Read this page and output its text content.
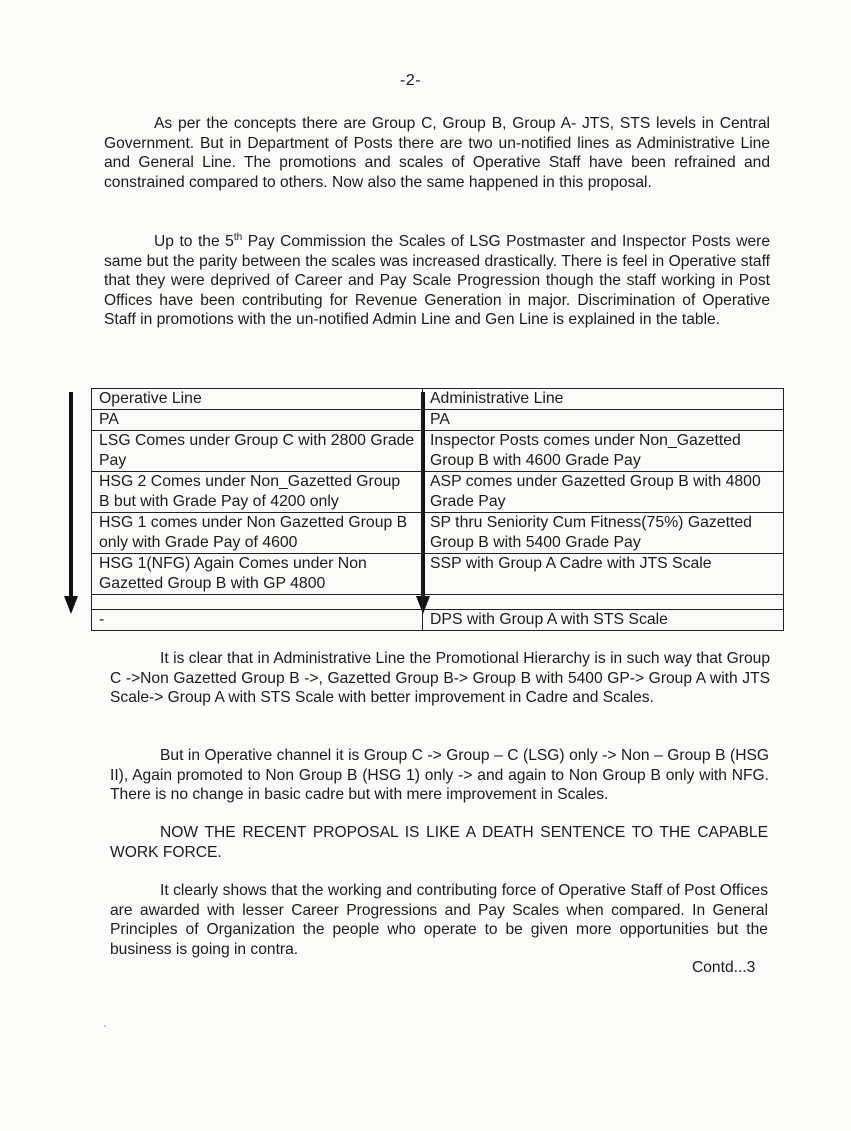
-2-

As per the concepts there are Group C, Group B, Group A- JTS, STS levels in Central Government. But in Department of Posts there are two un-notified lines as Administrative Line and General Line. The promotions and scales of Operative Staff have been refrained and constrained compared to others. Now also the same happened in this proposal.

Up to the 5th Pay Commission the Scales of LSG Postmaster and Inspector Posts were same but the parity between the scales was increased drastically. There is feel in Operative staff that they were deprived of Career and Pay Scale Progression though the staff working in Post Offices have been contributing for Revenue Generation in major. Discrimination of Operative Staff in promotions with the un-notified Admin Line and Gen Line is explained in the table.

Operative Line	Administrative Line
PA	PA
LSG Comes under Group C with 2800 Grade Pay	Inspector Posts comes under Non_Gazetted Group B with 4600 Grade Pay
HSG 2 Comes under Non_Gazetted Group B but with Grade Pay of 4200 only	ASP comes under Gazetted Group B with 4800 Grade Pay
HSG 1 comes under Non Gazetted Group B only with Grade Pay of 4600	SP thru Seniority Cum Fitness(75%) Gazetted Group B with 5400 Grade Pay
HSG 1(NFG) Again Comes under Non Gazetted Group B with GP 4800	SSP with Group A Cadre with JTS Scale

-	DPS with Group A with STS Scale

It is clear that in Administrative Line the Promotional Hierarchy is in such way that Group C ->Non Gazetted Group B ->, Gazetted Group B-> Group B with 5400 GP-> Group A with JTS Scale-> Group A with STS Scale with better improvement in Cadre and Scales.

But in Operative channel it is Group C -> Group – C (LSG) only -> Non – Group B (HSG II), Again promoted to Non Group B (HSG 1) only -> and again to Non Group B only with NFG. There is no change in basic cadre but with mere improvement in Scales.

NOW THE RECENT PROPOSAL IS LIKE A DEATH SENTENCE TO THE CAPABLE WORK FORCE.

It clearly shows that the working and contributing force of Operative Staff of Post Offices are awarded with lesser Career Progressions and Pay Scales when compared. In General Principles of Organization the people who operate to be given more opportunities but the business is going in contra.

Contd...3
